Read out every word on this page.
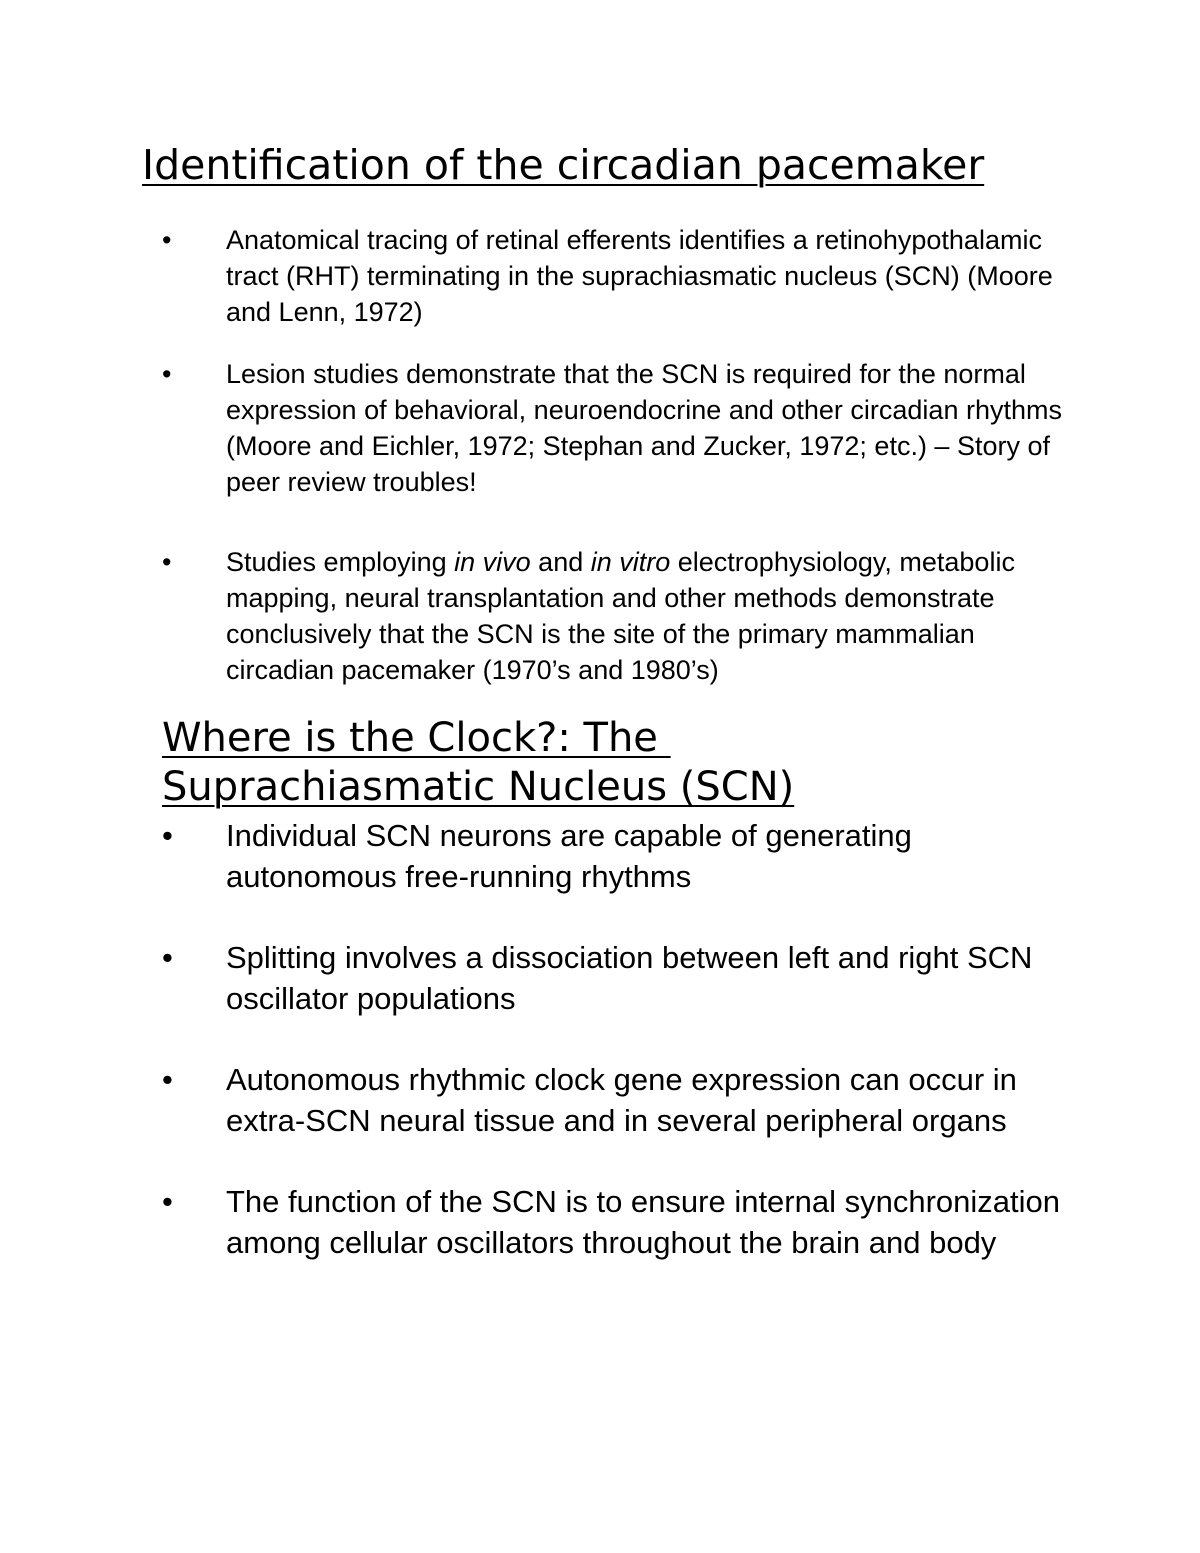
Identification of the circadian pacemaker
• Anatomical tracing of retinal efferents identifies a retinohypothalamic tract (RHT) terminating in the suprachiasmatic nucleus (SCN) (Moore and Lenn, 1972)
• Lesion studies demonstrate that the SCN is required for the normal expression of behavioral, neuroendocrine and other circadian rhythms (Moore and Eichler, 1972; Stephan and Zucker, 1972; etc.) – Story of peer review troubles!
• Studies employing in vivo and in vitro electrophysiology, metabolic mapping, neural transplantation and other methods demonstrate conclusively that the SCN is the site of the primary mammalian circadian pacemaker (1970’s and 1980’s)
Where is the Clock?: The
Suprachiasmatic Nucleus (SCN)
• Individual SCN neurons are capable of generating autonomous free-running rhythms
• Splitting involves a dissociation between left and right SCN oscillator populations
• Autonomous rhythmic clock gene expression can occur in extra-SCN neural tissue and in several peripheral organs
• The function of the SCN is to ensure internal synchronization among cellular oscillators throughout the brain and body
